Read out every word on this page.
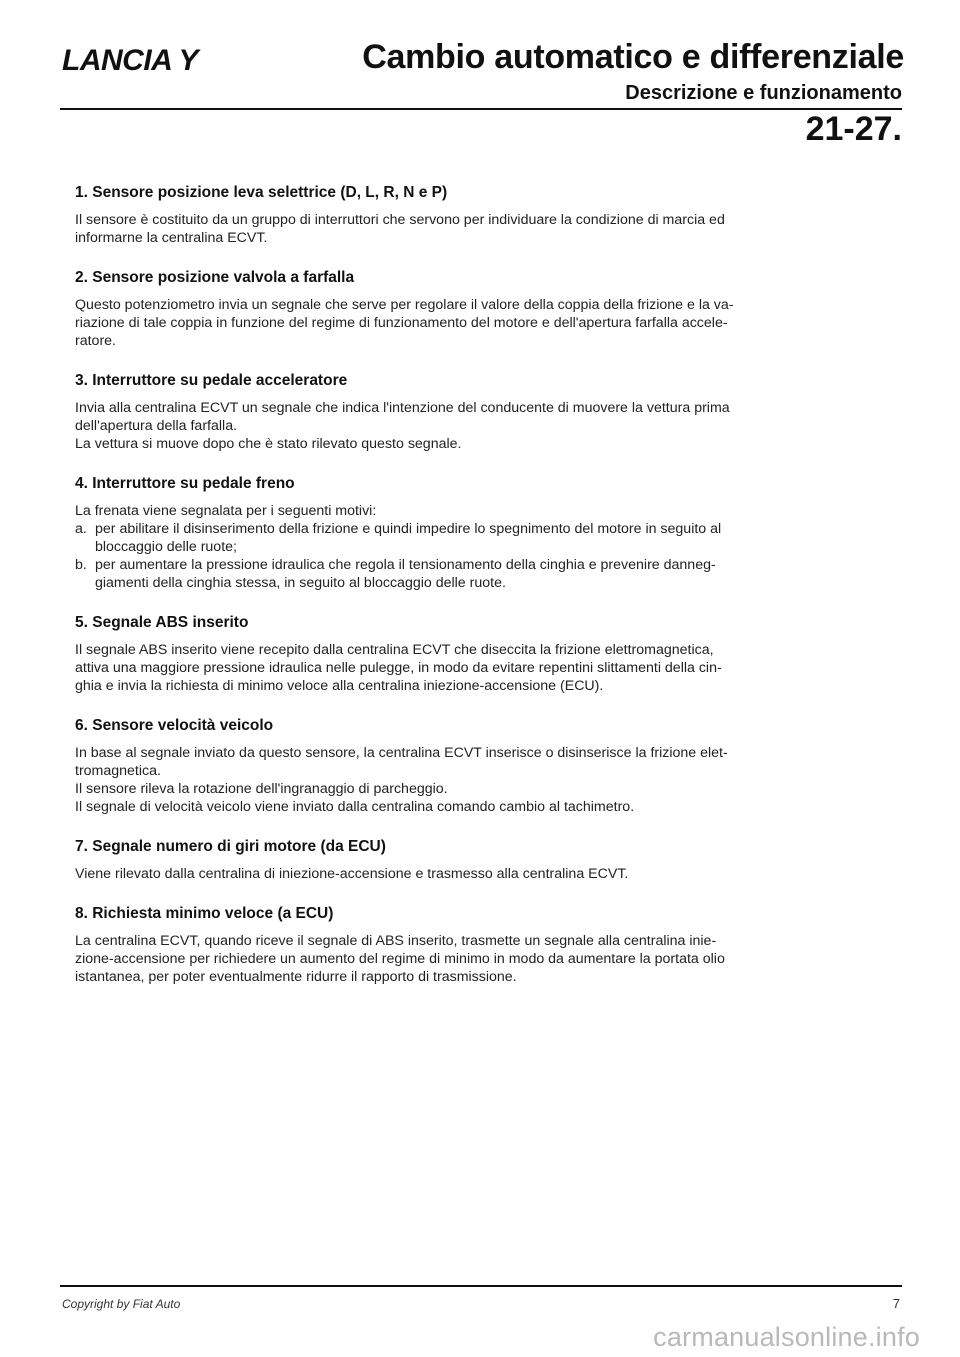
LANCIA Y	Cambio automatico e differenziale
Descrizione e funzionamento
21-27.
1. Sensore posizione leva selettrice (D, L, R, N e P)
Il sensore è costituito da un gruppo di interruttori che servono per individuare la condizione di marcia ed
informarne la centralina ECVT.
2. Sensore posizione valvola a farfalla
Questo potenziometro invia un segnale che serve per regolare il valore della coppia della frizione e la va-
riazione di tale coppia in funzione del regime di funzionamento del motore e dell'apertura farfalla accele-
ratore.
3. Interruttore su pedale acceleratore
Invia alla centralina ECVT un segnale che indica l'intenzione del conducente di muovere la vettura prima
dell'apertura della farfalla.
La vettura si muove dopo che è stato rilevato questo segnale.
4. Interruttore su pedale freno
La frenata viene segnalata per i seguenti motivi:
a. per abilitare il disinserimento della frizione e quindi impedire lo spegnimento del motore in seguito al
bloccaggio delle ruote;
b. per aumentare la pressione idraulica che regola il tensionamento della cinghia e prevenire danneg-
giamenti della cinghia stessa, in seguito al bloccaggio delle ruote.
5. Segnale ABS inserito
Il segnale ABS inserito viene recepito dalla centralina ECVT che diseccita la frizione elettromagnetica,
attiva una maggiore pressione idraulica nelle pulegge, in modo da evitare repentini slittamenti della cin-
ghia e invia la richiesta di minimo veloce alla centralina iniezione-accensione (ECU).
6. Sensore velocità veicolo
In base al segnale inviato da questo sensore, la centralina ECVT inserisce o disinserisce la frizione elet-
tromagnetica.
Il sensore rileva la rotazione dell'ingranaggio di parcheggio.
Il segnale di velocità veicolo viene inviato dalla centralina comando cambio al tachimetro.
7. Segnale numero di giri motore (da ECU)
Viene rilevato dalla centralina di iniezione-accensione e trasmesso alla centralina ECVT.
8. Richiesta minimo veloce (a ECU)
La centralina ECVT, quando riceve il segnale di ABS inserito, trasmette un segnale alla centralina inie-
zione-accensione per richiedere un aumento del regime di minimo in modo da aumentare la portata olio
istantanea, per poter eventualmente ridurre il rapporto di trasmissione.
Copyright by Fiat Auto	7
carmanualsonline.info
